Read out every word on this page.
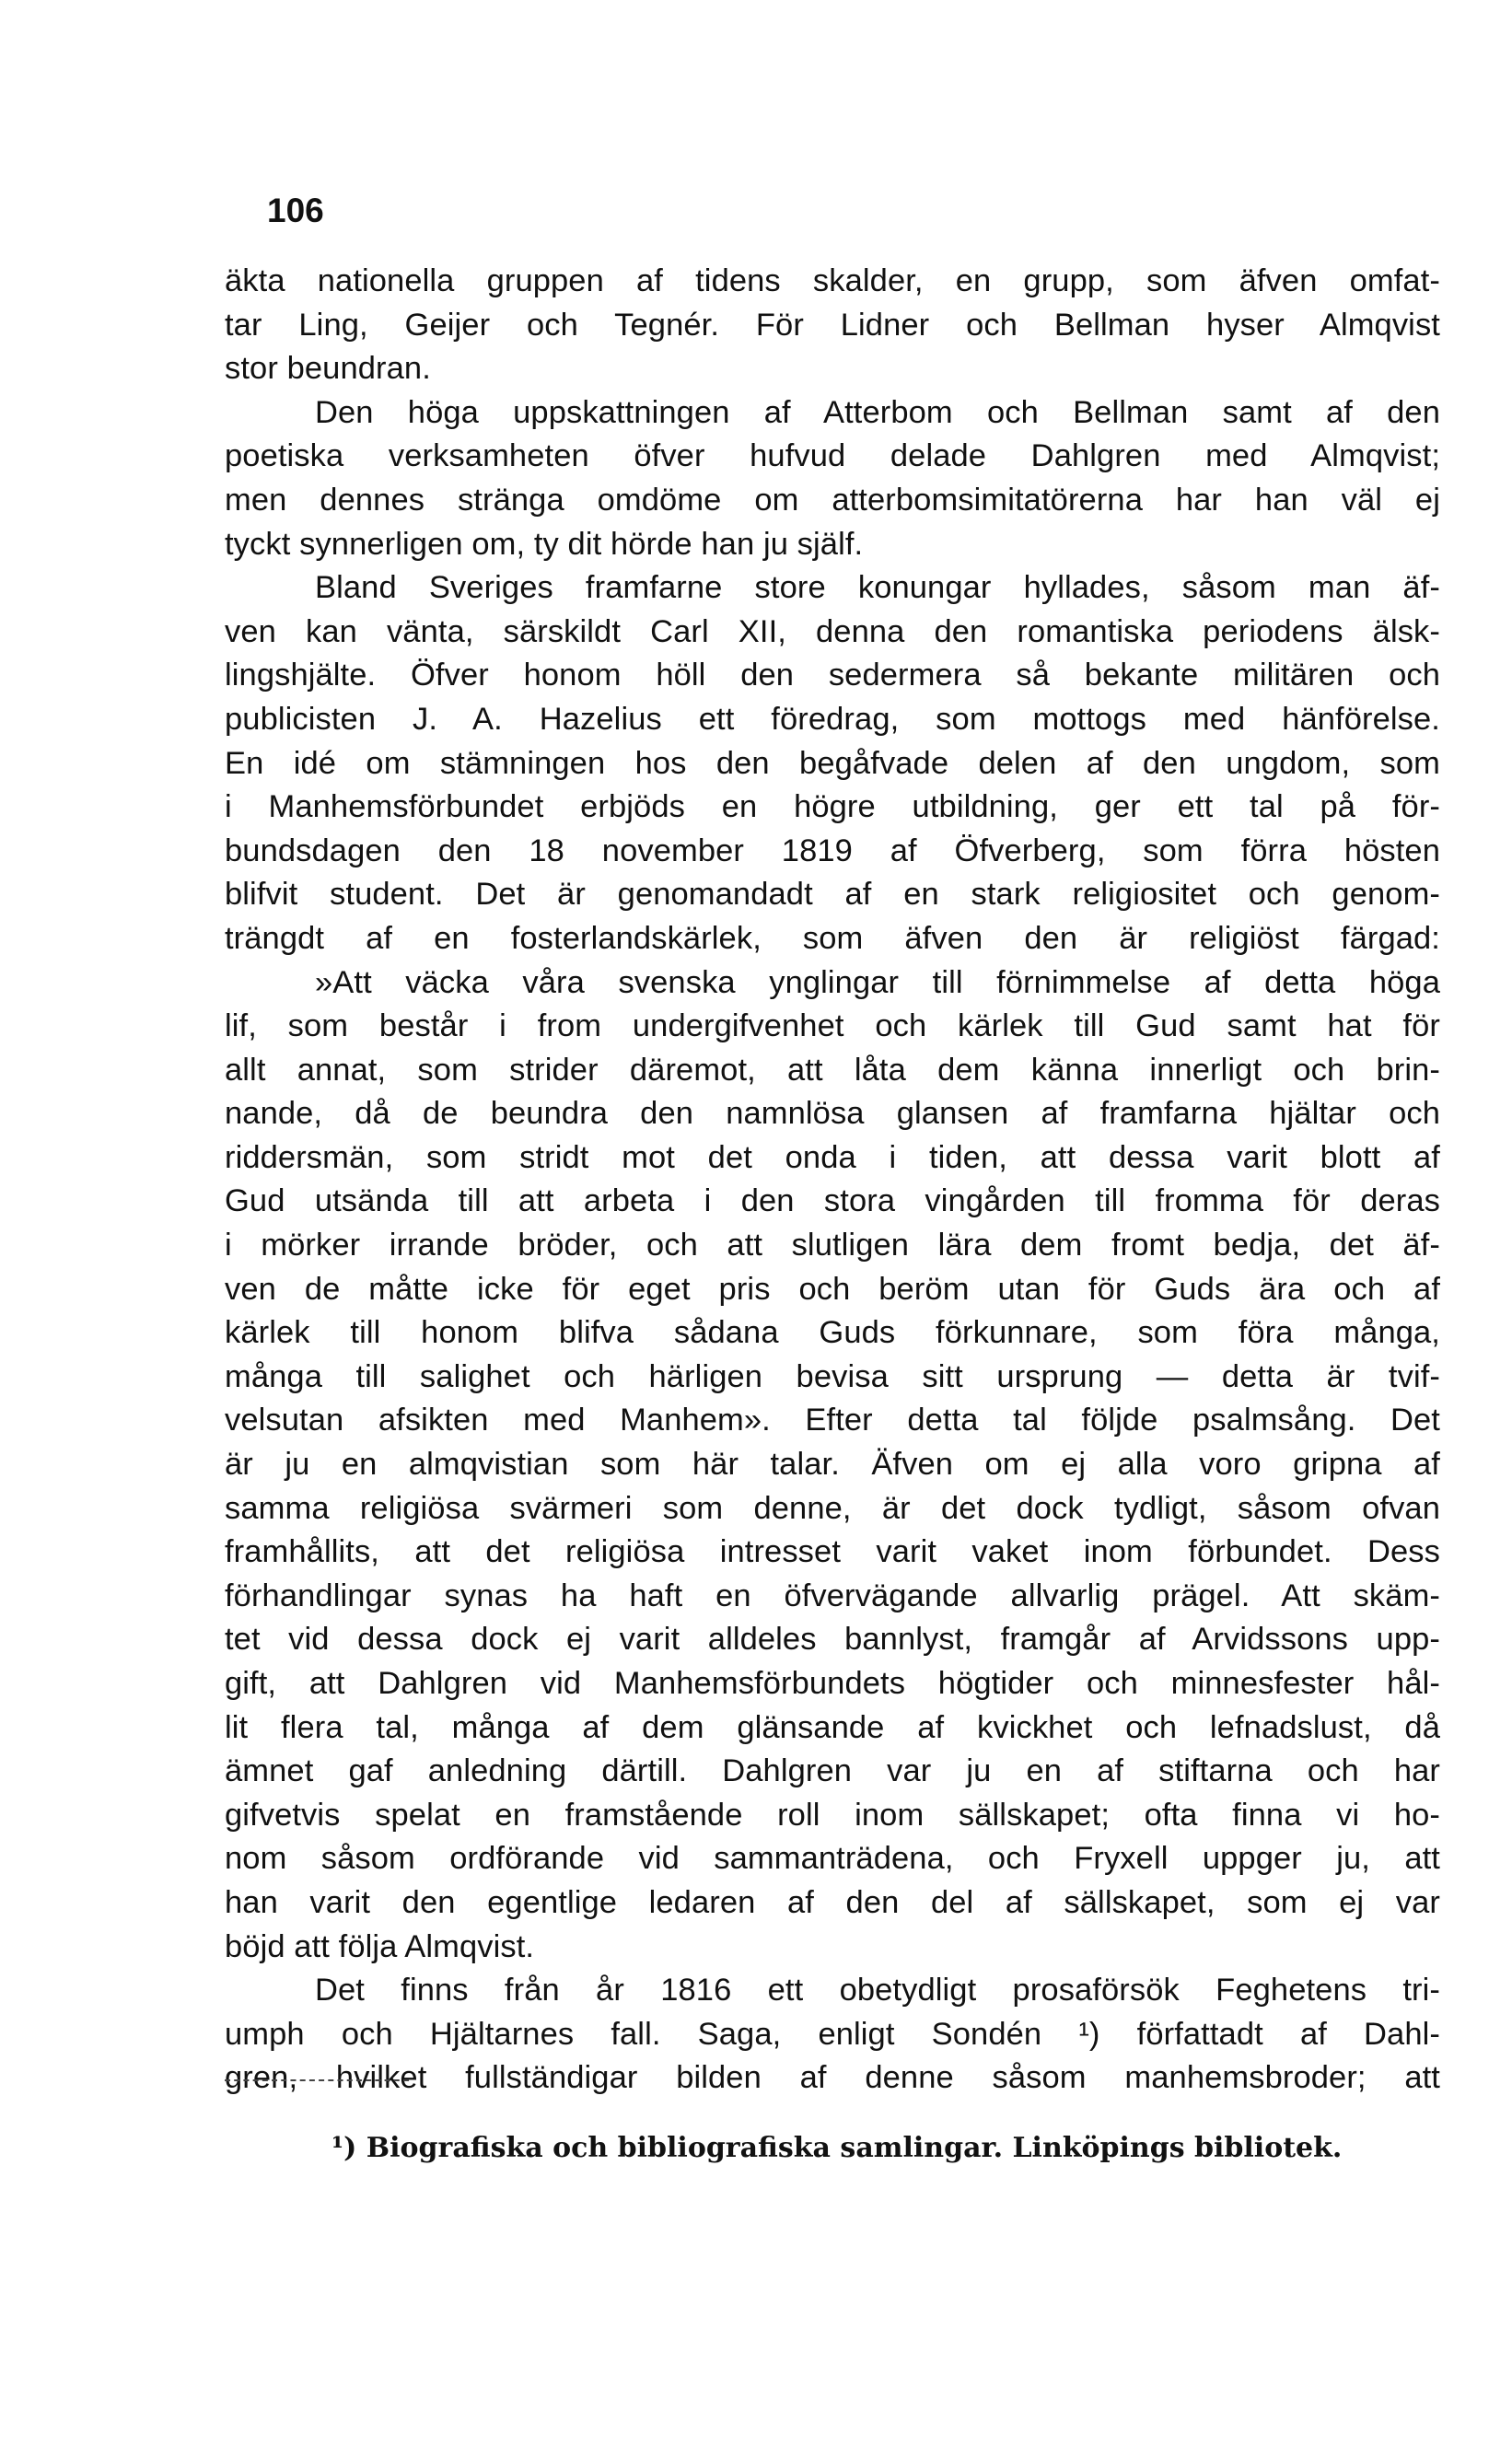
106
äkta nationella gruppen af tidens skalder, en grupp, som äfven omfat-
tar Ling, Geijer och Tegnér. För Lidner och Bellman hyser Almqvist
stor beundran.
Den höga uppskattningen af Atterbom och Bellman samt af den
poetiska verksamheten öfver hufvud delade Dahlgren med Almqvist;
men dennes stränga omdöme om atterbomsimitatörerna har han väl ej
tyckt synnerligen om, ty dit hörde han ju själf.
Bland Sveriges framfarne store konungar hyllades, såsom man äf-
ven kan vänta, särskildt Carl XII, denna den romantiska periodens älsk-
lingshjälte. Öfver honom höll den sedermera så bekante militären och
publicisten J. A. Hazelius ett föredrag, som mottogs med hänförelse.
En idé om stämningen hos den begåfvade delen af den ungdom, som
i Manhemsförbundet erbjöds en högre utbildning, ger ett tal på för-
bundsdagen den 18 november 1819 af Öfverberg, som förra hösten
blifvit student. Det är genomandadt af en stark religiositet och genom-
trängdt af en fosterlandskärlek, som äfven den är religiöst färgad:
»Att väcka våra svenska ynglingar till förnimmelse af detta höga
lif, som består i from undergifvenhet och kärlek till Gud samt hat för
allt annat, som strider däremot, att låta dem känna innerligt och brin-
nande, då de beundra den namnlösa glansen af framfarna hjältar och
riddersmän, som stridt mot det onda i tiden, att dessa varit blott af
Gud utsända till att arbeta i den stora vingården till fromma för deras
i mörker irrande bröder, och att slutligen lära dem fromt bedja, det äf-
ven de måtte icke för eget pris och beröm utan för Guds ära och af
kärlek till honom blifva sådana Guds förkunnare, som föra många,
många till salighet och härligen bevisa sitt ursprung — detta är tvif-
velsutan afsikten med Manhem». Efter detta tal följde psalmsång. Det
är ju en almqvistian som här talar. Äfven om ej alla voro gripna af
samma religiösa svärmeri som denne, är det dock tydligt, såsom ofvan
framhållits, att det religiösa intresset varit vaket inom förbundet. Dess
förhandlingar synas ha haft en öfvervägande allvarlig prägel. Att skäm-
tet vid dessa dock ej varit alldeles bannlyst, framgår af Arvidssons upp-
gift, att Dahlgren vid Manhemsförbundets högtider och minnesfester hål-
lit flera tal, många af dem glänsande af kvickhet och lefnadslust, då
ämnet gaf anledning därtill. Dahlgren var ju en af stiftarna och har
gifvetvis spelat en framstående roll inom sällskapet; ofta finna vi ho-
nom såsom ordförande vid sammanträdena, och Fryxell uppger ju, att
han varit den egentlige ledaren af den del af sällskapet, som ej var
böjd att följa Almqvist.
Det finns från år 1816 ett obetydligt prosaförsök Feghetens tri-
umph och Hjältarnes fall. Saga, enligt Sondén ¹) författadt af Dahl-
gren, hvilket fullständigar bilden af denne såsom manhemsbroder; att
¹) Biografiska och bibliografiska samlingar. Linköpings bibliotek.
